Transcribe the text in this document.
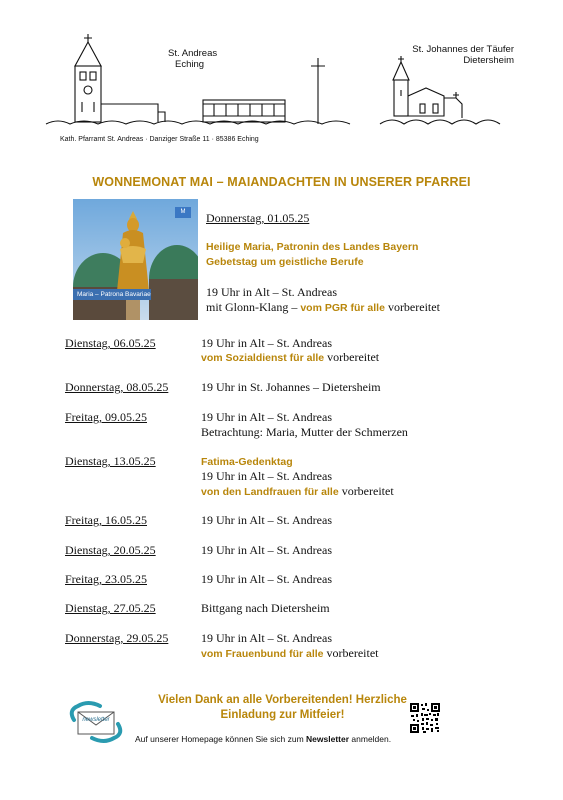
St. Andreas
Eching
St. Johannes der Täufer
Dietersheim
Kath. Pfarramt St. Andreas · Danziger Straße 11 · 85386 Eching
WONNEMONAT MAI – MAIANDACHTEN IN UNSERER PFARREI
M
Maria – Patrona Bavariae
Donnerstag, 01.05.25
Heilige Maria, Patronin des Landes Bayern
Gebetstag um geistliche Berufe
19 Uhr in Alt – St. Andreas
mit Glonn-Klang – vom PGR für alle vorbereitet
Dienstag, 06.05.25	19 Uhr in Alt – St. Andreas
vom Sozialdienst für alle vorbereitet
Donnerstag, 08.05.25	19 Uhr in St. Johannes – Dietersheim
Freitag, 09.05.25	19 Uhr in Alt – St. Andreas
Betrachtung: Maria, Mutter der Schmerzen
Dienstag, 13.05.25	Fatima-Gedenktag
19 Uhr in Alt – St. Andreas
von den Landfrauen für alle vorbereitet
Freitag, 16.05.25	19 Uhr in Alt – St. Andreas
Dienstag, 20.05.25	19 Uhr in Alt – St. Andreas
Freitag, 23.05.25	19 Uhr in Alt – St. Andreas
Dienstag, 27.05.25	Bittgang nach Dietersheim
Donnerstag, 29.05.25	19 Uhr in Alt – St. Andreas
vom Frauenbund für alle vorbereitet
Vielen Dank an alle Vorbereitenden! Herzliche
Einladung zur Mitfeier!
newsletter
Auf unserer Homepage können Sie sich zum Newsletter anmelden.
